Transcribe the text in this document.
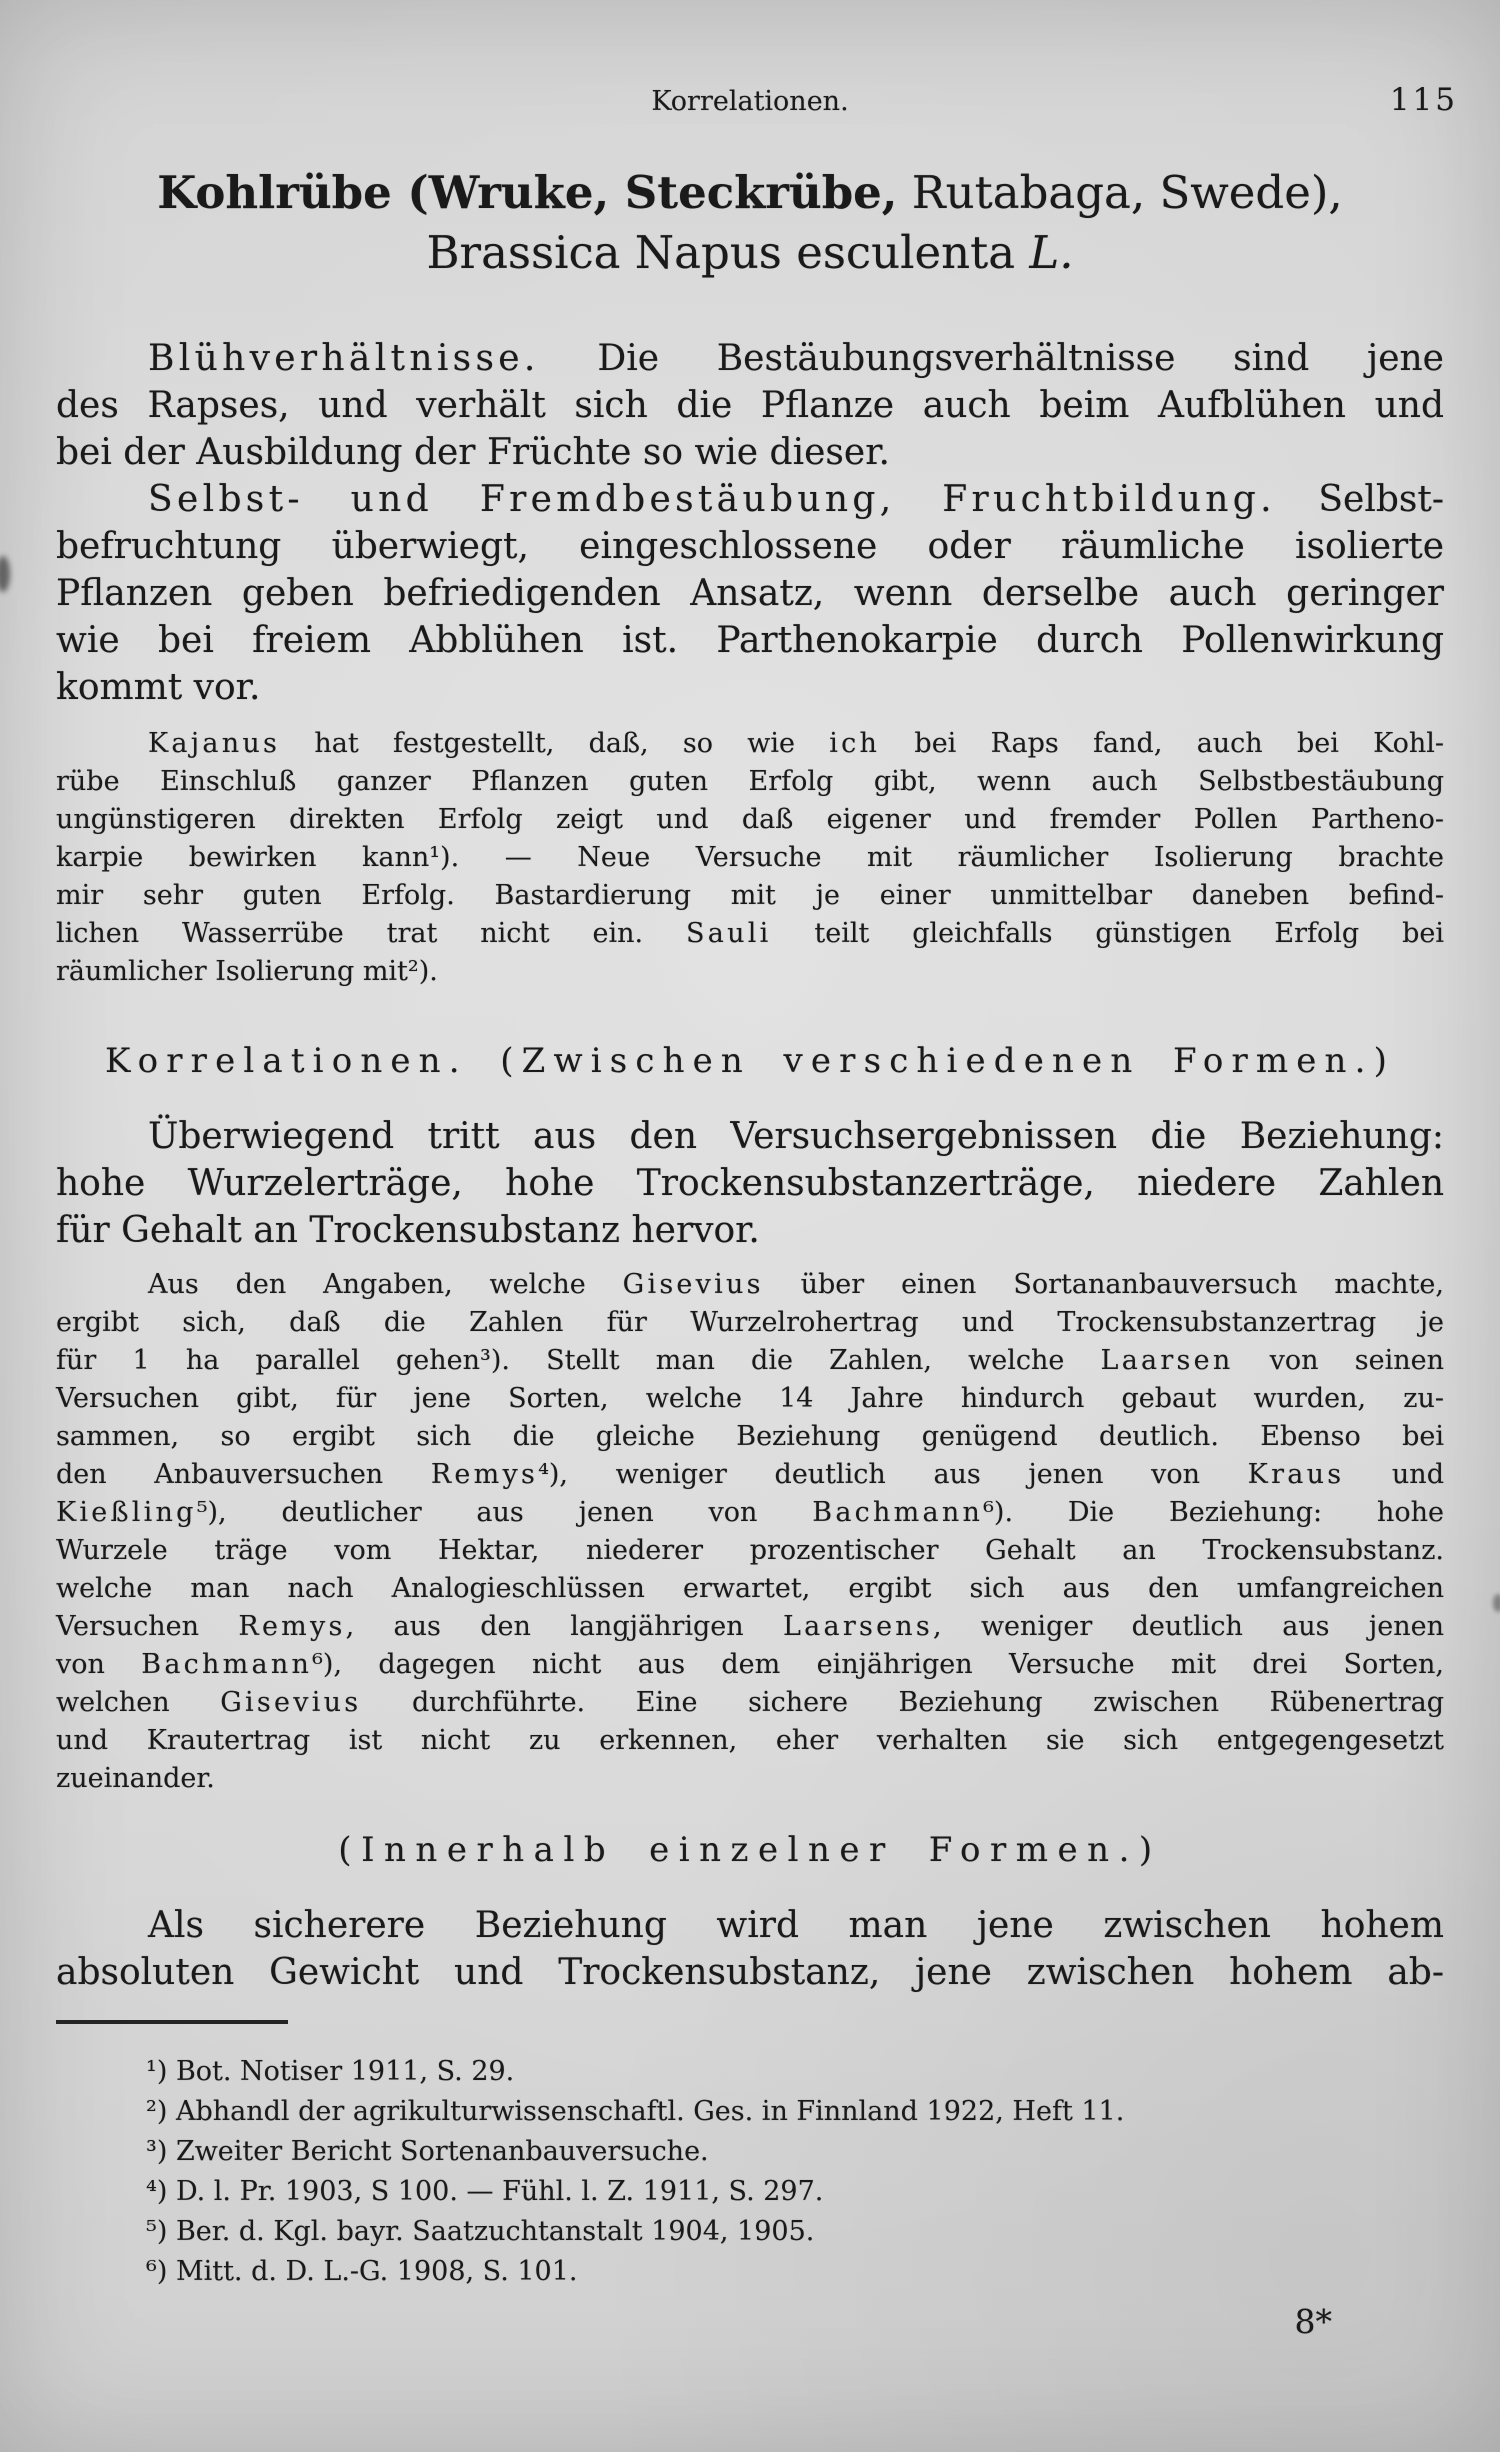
Korrelationen.	115
Kohlrübe (Wruke, Steckrübe, Rutabaga, Swede),
Brassica Napus esculenta L.
Blühverhältnisse. Die Bestäubungsverhältnisse sind jene
des Rapses, und verhält sich die Pflanze auch beim Aufblühen und
bei der Ausbildung der Früchte so wie dieser.
Selbst- und Fremdbestäubung, Fruchtbildung. Selbst-
befruchtung überwiegt, eingeschlossene oder räumliche isolierte
Pflanzen geben befriedigenden Ansatz, wenn derselbe auch geringer
wie bei freiem Abblühen ist. Parthenokarpie durch Pollenwirkung
kommt vor.
Kajanus hat festgestellt, daß, so wie ich bei Raps fand, auch bei Kohl-
rübe Einschluß ganzer Pflanzen guten Erfolg gibt, wenn auch Selbstbestäubung
ungünstigeren direkten Erfolg zeigt und daß eigener und fremder Pollen Partheno-
karpie bewirken kann¹). — Neue Versuche mit räumlicher Isolierung brachte
mir sehr guten Erfolg. Bastardierung mit je einer unmittelbar daneben befind-
lichen Wasserrübe trat nicht ein. Sauli teilt gleichfalls günstigen Erfolg bei
räumlicher Isolierung mit²).
Korrelationen. (Zwischen verschiedenen Formen.)
Überwiegend tritt aus den Versuchsergebnissen die Beziehung:
hohe Wurzelerträge, hohe Trockensubstanzerträge, niedere Zahlen
für Gehalt an Trockensubstanz hervor.
Aus den Angaben, welche Gisevius über einen Sortananbauversuch machte,
ergibt sich, daß die Zahlen für Wurzelrohertrag und Trockensubstanzertrag je
für 1 ha parallel gehen³). Stellt man die Zahlen, welche Laarsen von seinen
Versuchen gibt, für jene Sorten, welche 14 Jahre hindurch gebaut wurden, zu-
sammen, so ergibt sich die gleiche Beziehung genügend deutlich. Ebenso bei
den Anbauversuchen Remys⁴), weniger deutlich aus jenen von Kraus und
Kießling⁵), deutlicher aus jenen von Bachmann⁶). Die Beziehung: hohe
Wurzele träge vom Hektar, niederer prozentischer Gehalt an Trockensubstanz.
welche man nach Analogieschlüssen erwartet, ergibt sich aus den umfangreichen
Versuchen Remys, aus den langjährigen Laarsens, weniger deutlich aus jenen
von Bachmann⁶), dagegen nicht aus dem einjährigen Versuche mit drei Sorten,
welchen Gisevius durchführte. Eine sichere Beziehung zwischen Rübenertrag
und Krautertrag ist nicht zu erkennen, eher verhalten sie sich entgegengesetzt
zueinander.
(Innerhalb einzelner Formen.)
Als sicherere Beziehung wird man jene zwischen hohem
absoluten Gewicht und Trockensubstanz, jene zwischen hohem ab-
¹) Bot. Notiser 1911, S. 29.
²) Abhandl der agrikulturwissenschaftl. Ges. in Finnland 1922, Heft 11.
³) Zweiter Bericht Sortenanbauversuche.
⁴) D. l. Pr. 1903, S 100. — Fühl. l. Z. 1911, S. 297.
⁵) Ber. d. Kgl. bayr. Saatzuchtanstalt 1904, 1905.
⁶) Mitt. d. D. L.-G. 1908, S. 101.
8*
